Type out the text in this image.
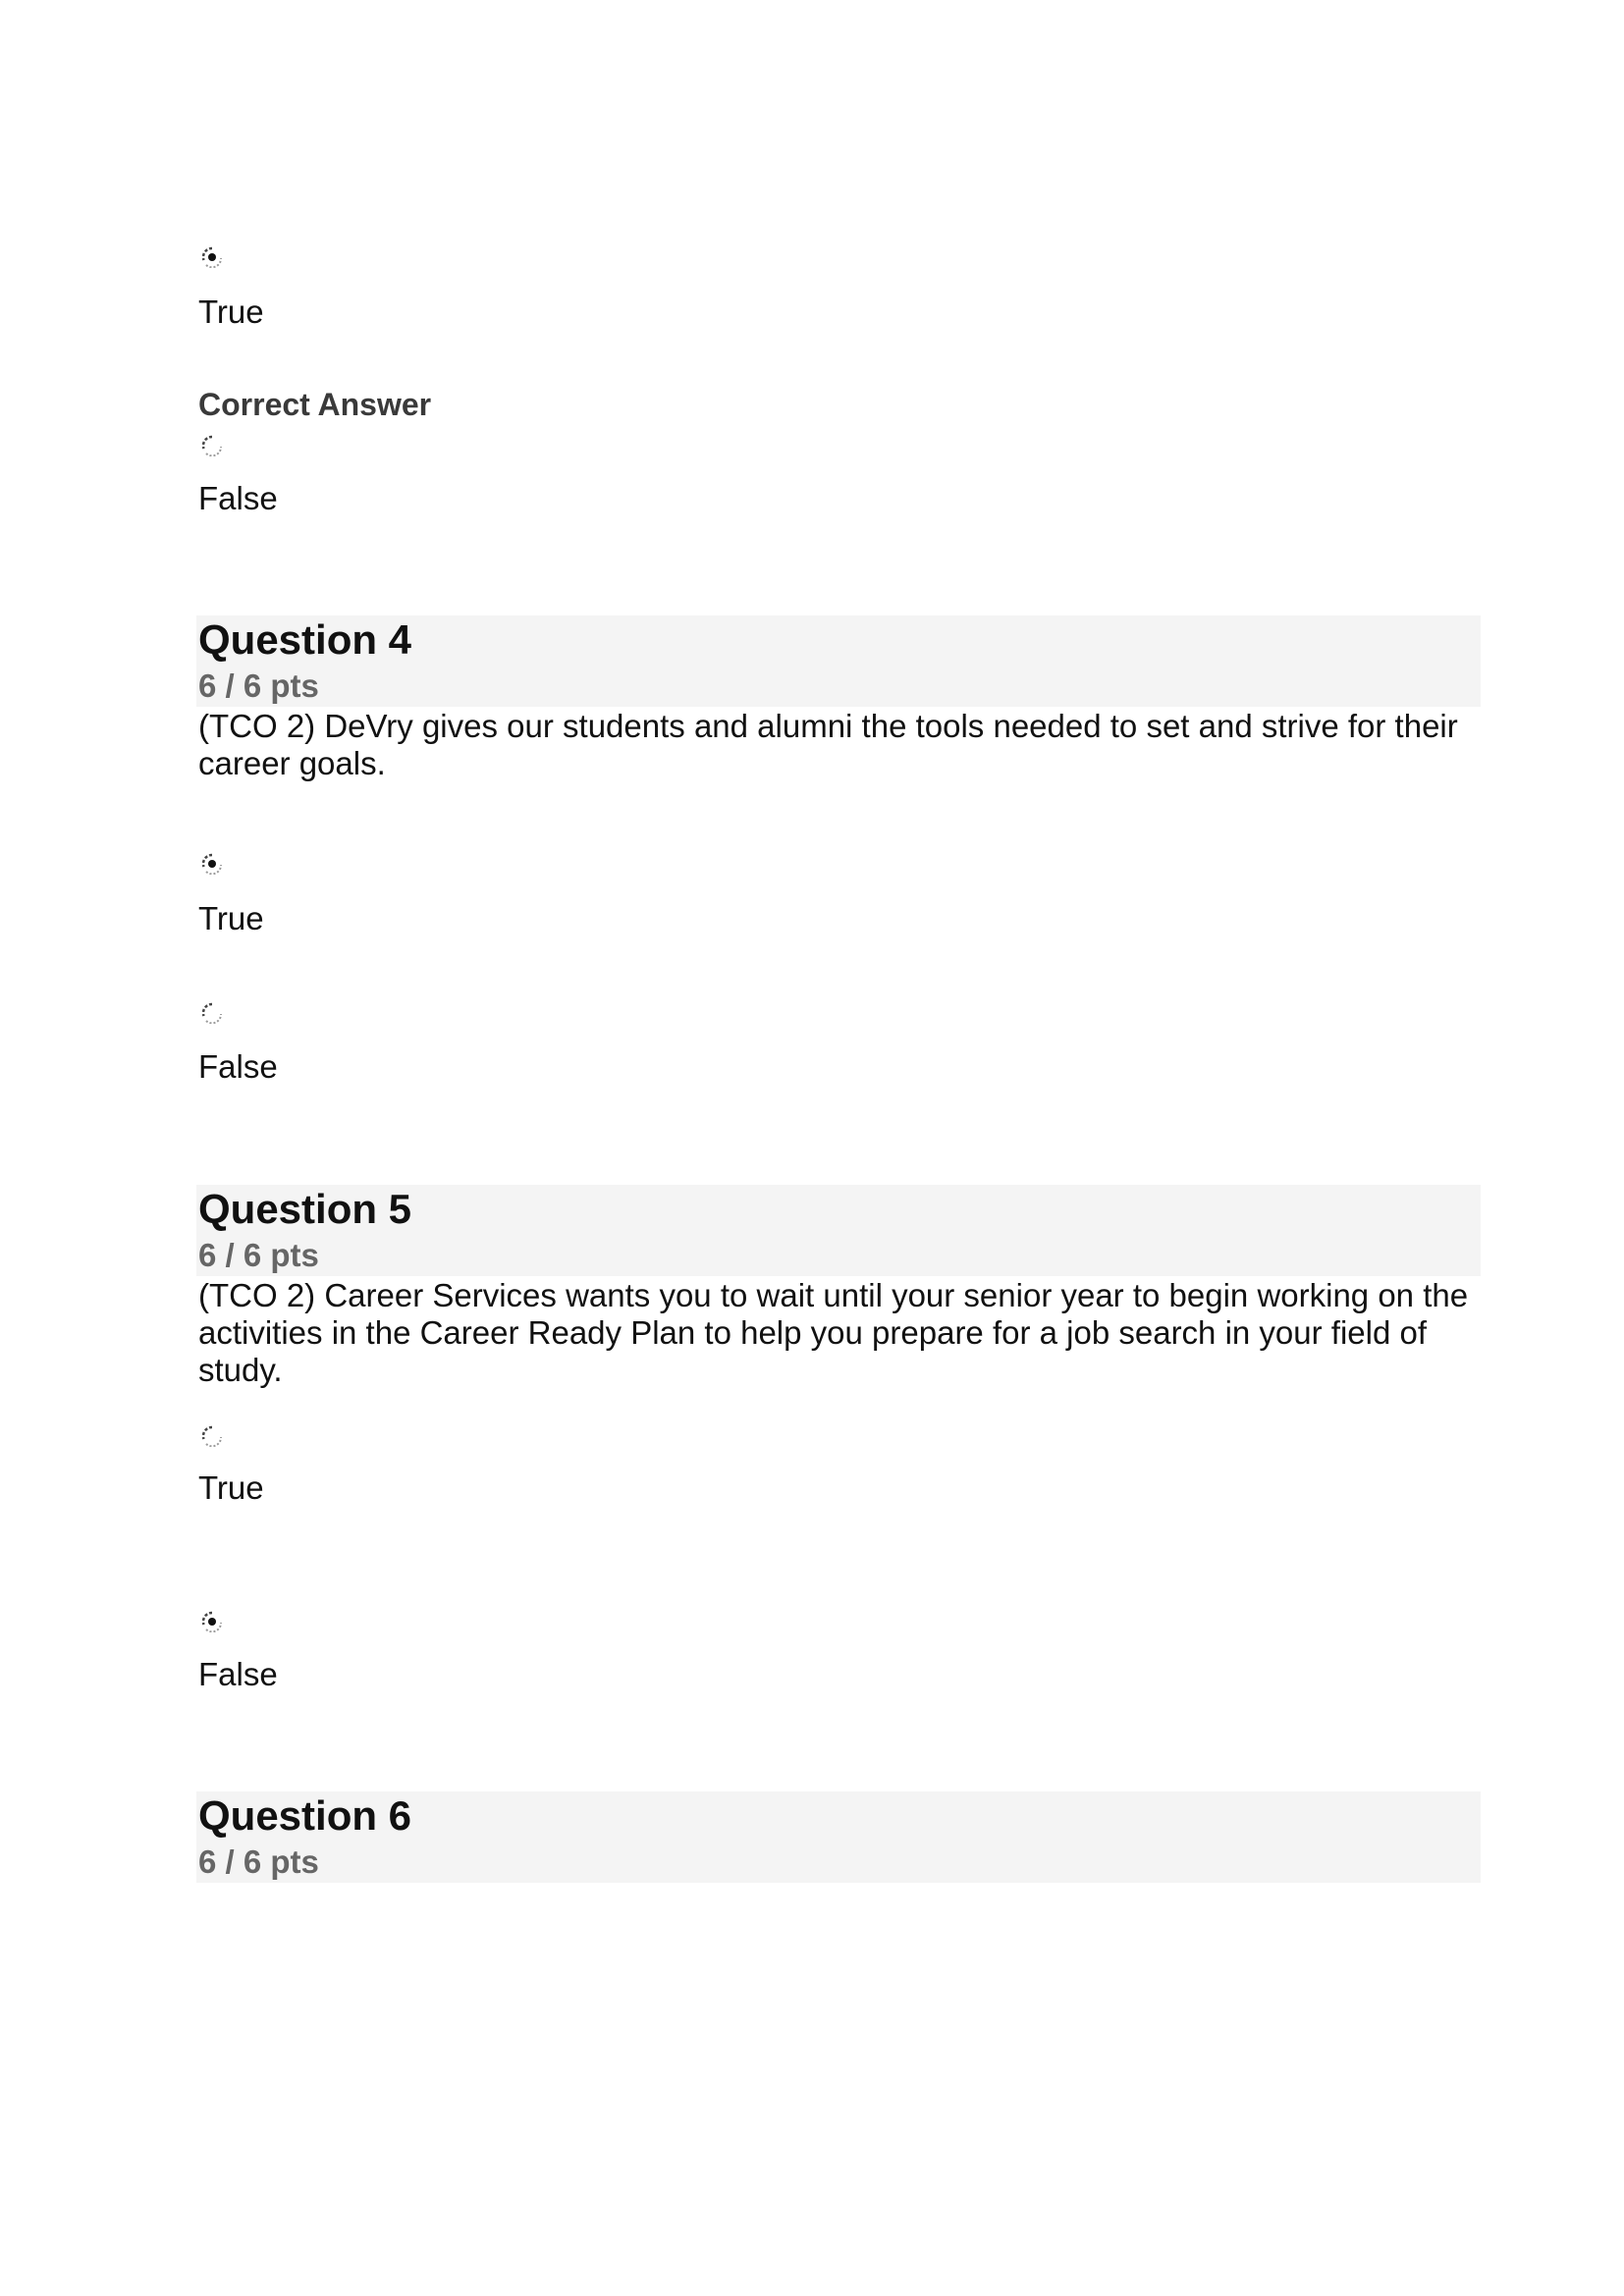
True
Correct Answer
False
Question 4
6 / 6 pts
(TCO 2) DeVry gives our students and alumni the tools needed to set and strive for their career goals.
True
False
Question 5
6 / 6 pts
(TCO 2) Career Services wants you to wait until your senior year to begin working on the activities in the Career Ready Plan to help you prepare for a job search in your field of study.
True
False
Question 6
6 / 6 pts
